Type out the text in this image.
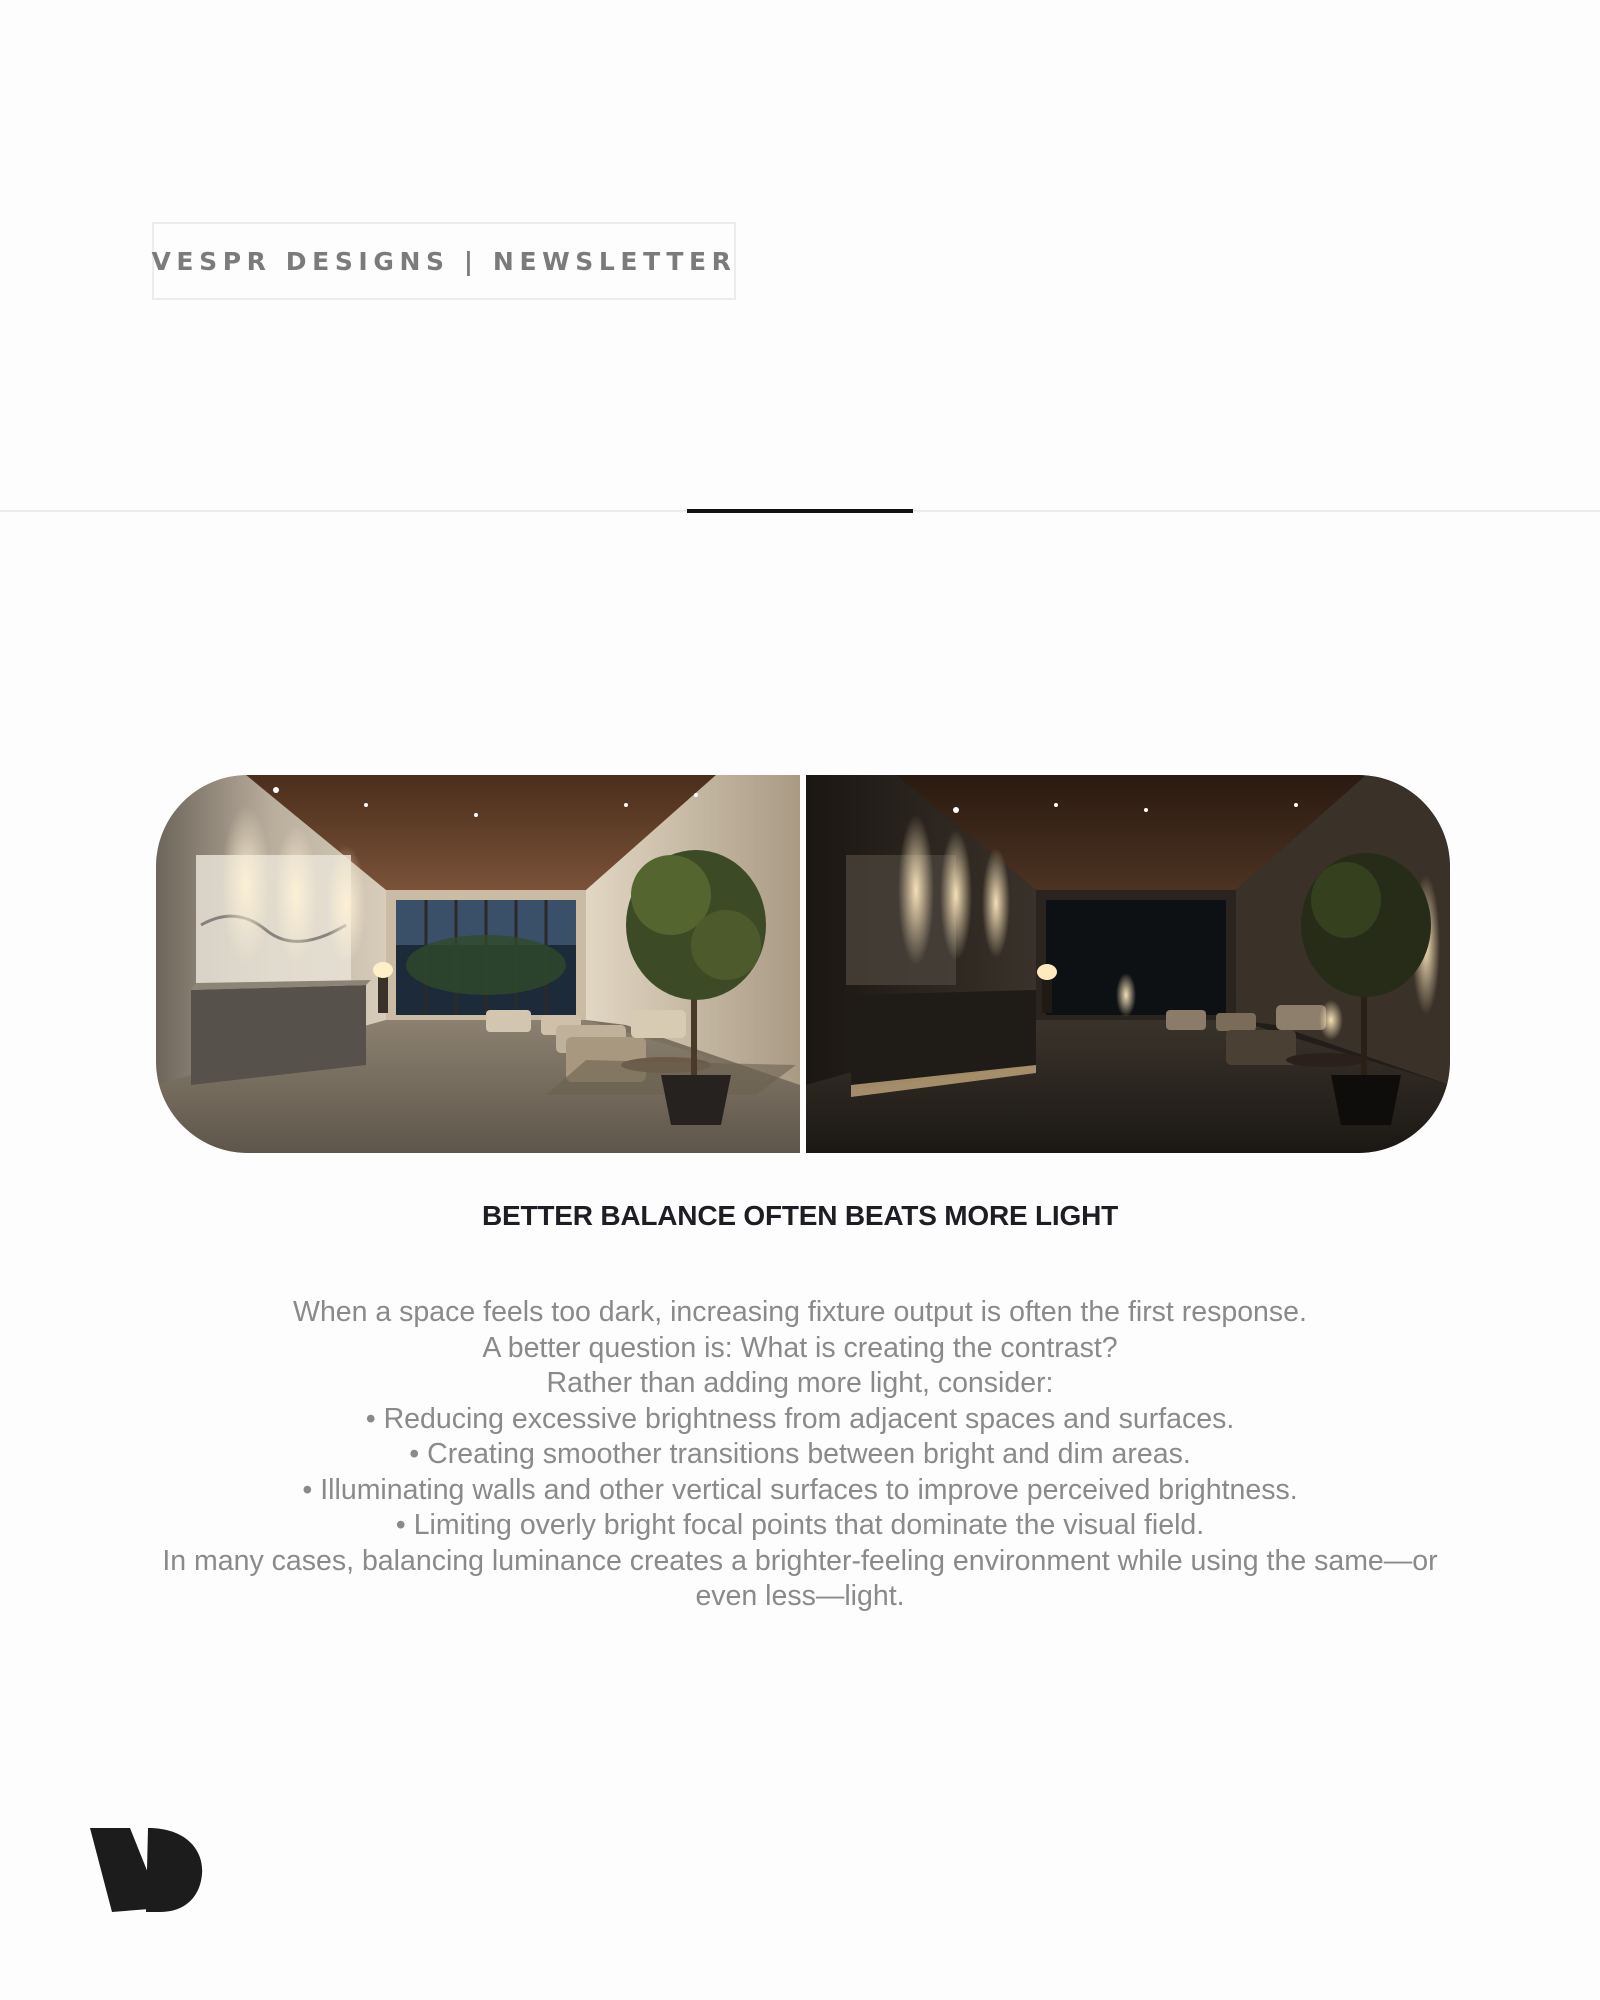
VESPR DESIGNS | NEWSLETTER
BETTER BALANCE OFTEN BEATS MORE LIGHT
When a space feels too dark, increasing fixture output is often the first response.
A better question is: What is creating the contrast?
Rather than adding more light, consider:
• Reducing excessive brightness from adjacent spaces and surfaces.
• Creating smoother transitions between bright and dim areas.
• Illuminating walls and other vertical surfaces to improve perceived brightness.
• Limiting overly bright focal points that dominate the visual field.
In many cases, balancing luminance creates a brighter-feeling environment while using the same—or even less—light.
